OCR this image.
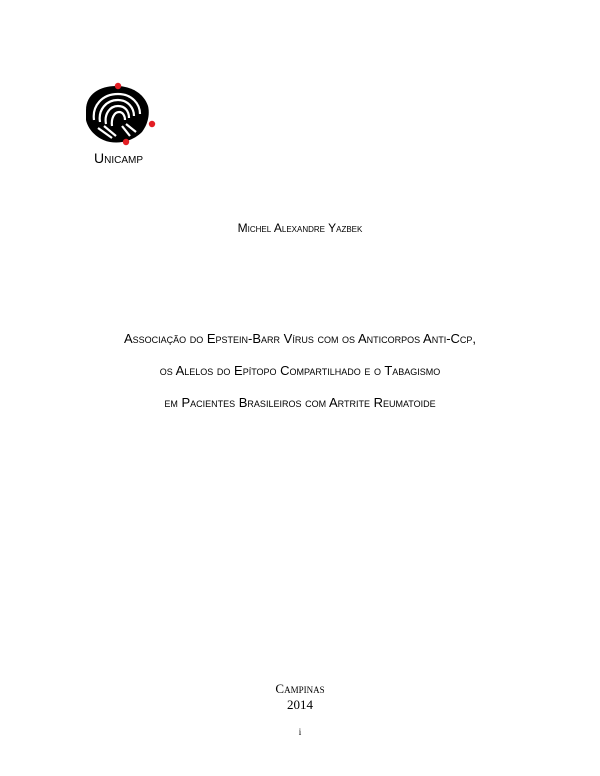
Unicamp
Michel Alexandre Yazbek
Associação do Epstein-Barr Vírus com os Anticorpos Anti-Ccp,
os Alelos do Epítopo Compartilhado e o Tabagismo
em Pacientes Brasileiros com Artrite Reumatoide
Campinas
2014
i
